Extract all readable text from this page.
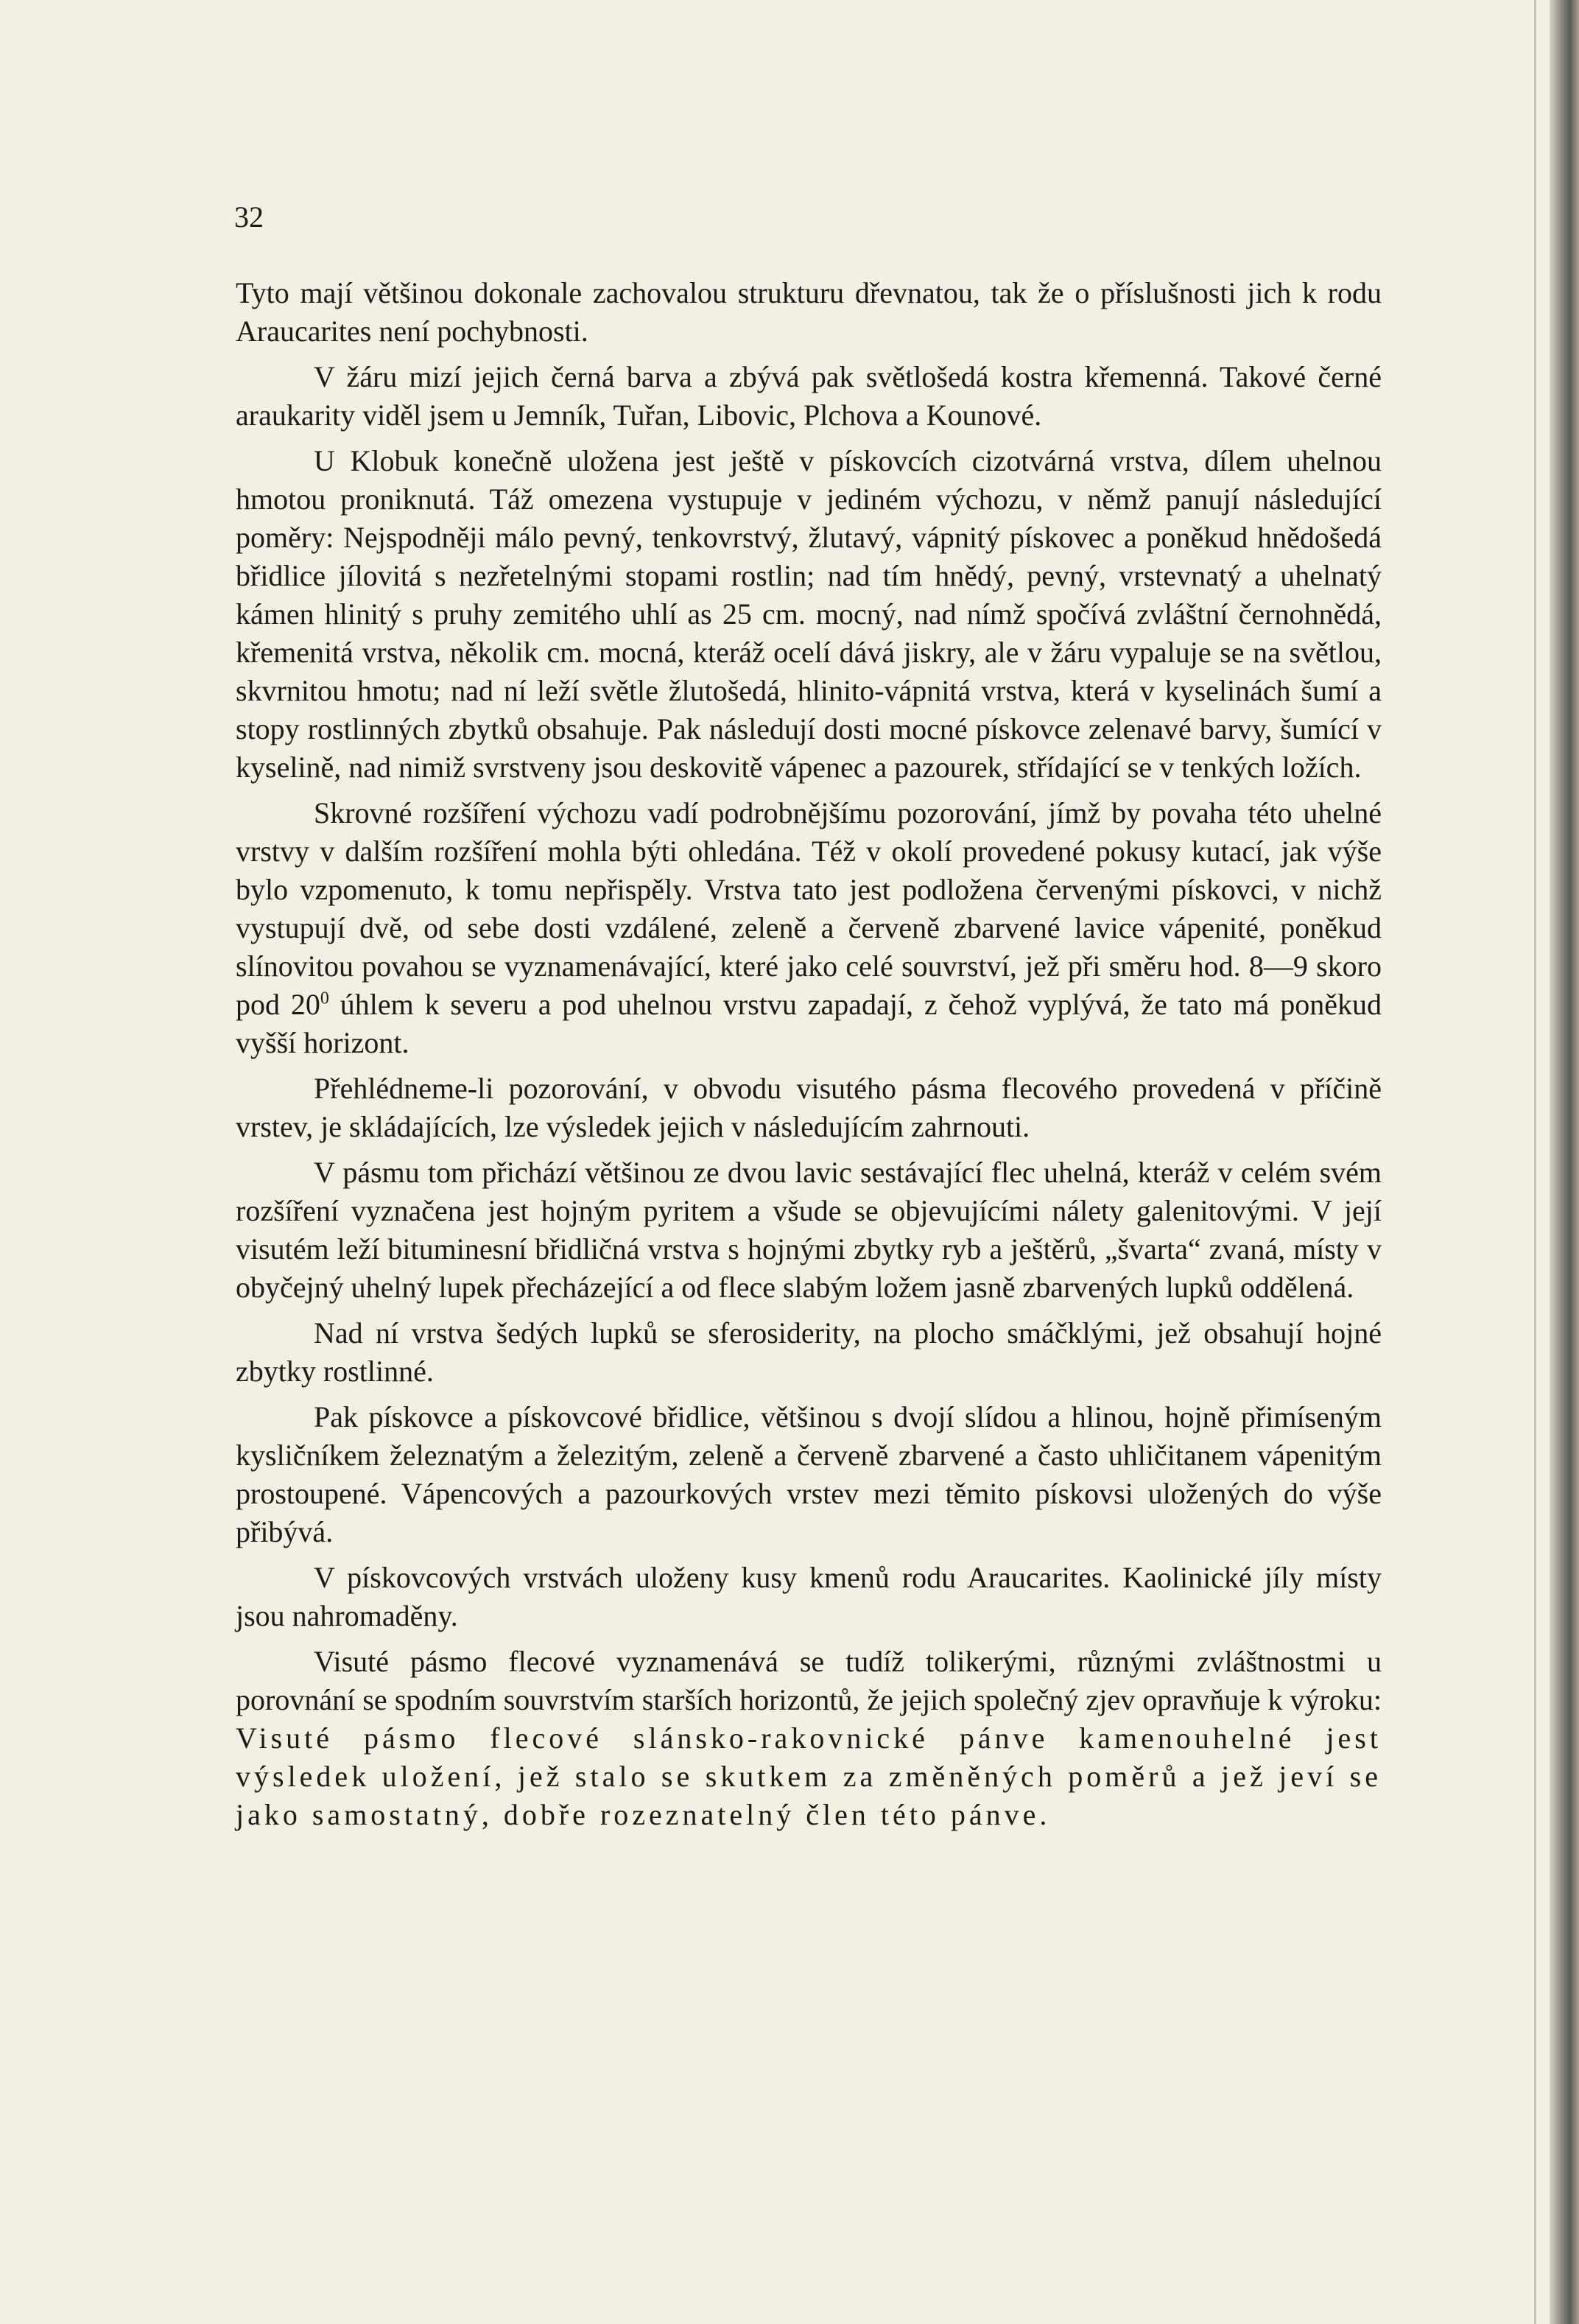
32

Tyto mají většinou dokonale zachovalou strukturu dřevnatou, tak že o příslušnosti jich k rodu Araucarites není pochybnosti.

V žáru mizí jejich černá barva a zbývá pak světlošedá kostra křemenná. Takové černé araukarity viděl jsem u Jemník, Tuřan, Libovic, Plchova a Kounové.

U Klobuk konečně uložena jest ještě v pískovcích cizotvárná vrstva, dílem uhelnou hmotou proniknutá. Táž omezena vystupuje v jediném výchozu, v němž panují následující poměry: Nejspodněji málo pevný, tenkovrstvý, žlutavý, vápnitý pískovec a poněkud hnědošedá břidlice jílovitá s nezřetelnými stopami rostlin; nad tím hnědý, pevný, vrstevnatý a uhelnatý kámen hlinitý s pruhy zemitého uhlí as 25 cm. mocný, nad nímž spočívá zvláštní černohnědá, křemenitá vrstva, několik cm. mocná, kteráž ocelí dává jiskry, ale v žáru vypaluje se na světlou, skvrnitou hmotu; nad ní leží světle žlutošedá, hlinito-vápnitá vrstva, která v kyselinách šumí a stopy rostlinných zbytků obsahuje. Pak následují dosti mocné pískovce zelenavé barvy, šumící v kyselině, nad nimiž svrstveny jsou deskovitě vápenec a pazourek, střídající se v tenkých ložích.

Skrovné rozšíření výchozu vadí podrobnějšímu pozorování, jímž by povaha této uhelné vrstvy v dalším rozšíření mohla býti ohledána. Též v okolí provedené pokusy kutací, jak výše bylo vzpomenuto, k tomu nepřispěly. Vrstva tato jest podložena červenými pískovci, v nichž vystupují dvě, od sebe dosti vzdálené, zeleně a červeně zbarvené lavice vápenité, poněkud slínovitou povahou se vyznamenávající, které jako celé souvrství, jež při směru hod. 8—9 skoro pod $20^0$ úhlem k severu a pod uhelnou vrstvu zapadají, z čehož vyplývá, že tato má poněkud vyšší horizont.

Přehlédneme-li pozorování, v obvodu visutého pásma flecového provedená v příčině vrstev, je skládajících, lze výsledek jejich v následujícím zahrnouti.

V pásmu tom přichází většinou ze dvou lavic sestávající flec uhelná, kteráž v celém svém rozšíření vyznačena jest hojným pyritem a všude se objevujícími nálety galenitovými. V její visutém leží bituminesní břidličná vrstva s hojnými zbytky ryb a ještěrů, „švarta“ zvaná, místy v obyčejný uhelný lupek přecházející a od flece slabým ložem jasně zbarvených lupků oddělená.

Nad ní vrstva šedých lupků se sferosiderity, na plocho smáčklými, jež obsahují hojné zbytky rostlinné.

Pak pískovce a pískovcové břidlice, většinou s dvojí slídou a hlinou, hojně přimíseným kysličníkem železnatým a železitým, zeleně a červeně zbarvené a často uhličitanem vápenitým prostoupené. Vápencových a pazourkových vrstev mezi těmito pískovsi uložených do výše přibývá.

V pískovcových vrstvách uloženy kusy kmenů rodu Araucarites. Kaolinické jíly místy jsou nahromaděny.

Visuté pásmo flecové vyznamenává se tudíž tolikerými, různými zvláštnostmi u porovnání se spodním souvrstvím starších horizontů, že jejich společný zjev opravňuje k výroku: Visuté pásmo flecové slánsko-rakovnické pánve kamenouhelné jest výsledek uložení, jež stalo se skutkem za změněných poměrů a jež jeví se jako samostatný, dobře rozeznatelný člen této pánve.
